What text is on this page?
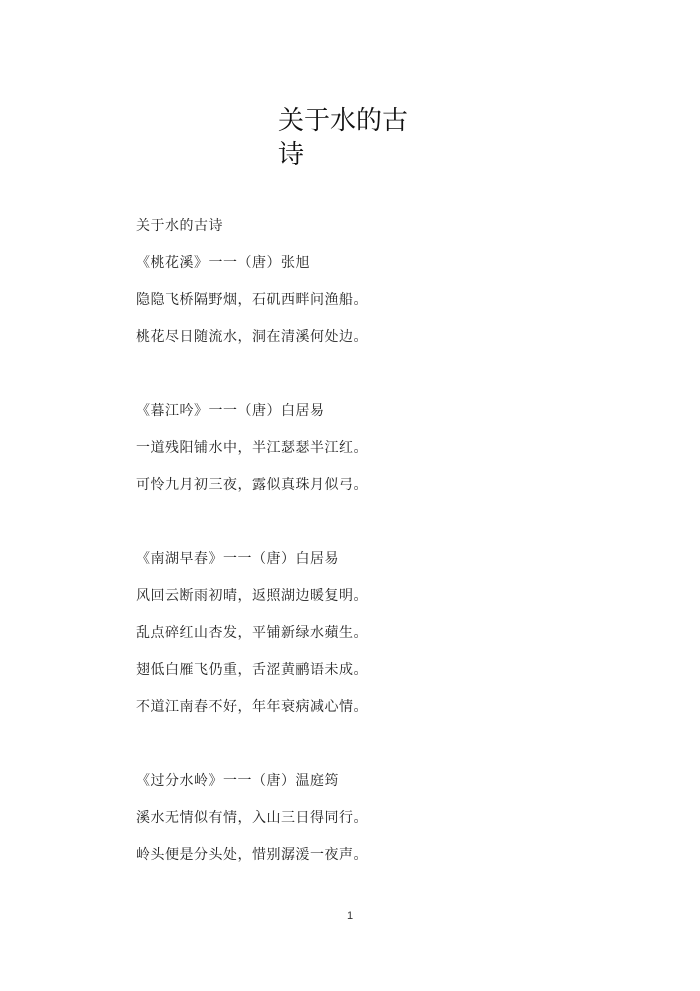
关于水的古诗
关于水的古诗
《桃花溪》一一（唐）张旭
隐隐飞桥隔野烟，石矶西畔问渔船。
桃花尽日随流水，洞在清溪何处边。
《暮江吟》一一（唐）白居易
一道残阳铺水中，半江瑟瑟半江红。
可怜九月初三夜，露似真珠月似弓。
《南湖早春》一一（唐）白居易
风回云断雨初晴，返照湖边暖复明。
乱点碎红山杏发，平铺新绿水蘋生。
翅低白雁飞仍重，舌涩黄鹂语未成。
不道江南春不好，年年衰病减心情。
《过分水岭》一一（唐）温庭筠
溪水无情似有情，入山三日得同行。
岭头便是分头处，惜别潺湲一夜声。
1
